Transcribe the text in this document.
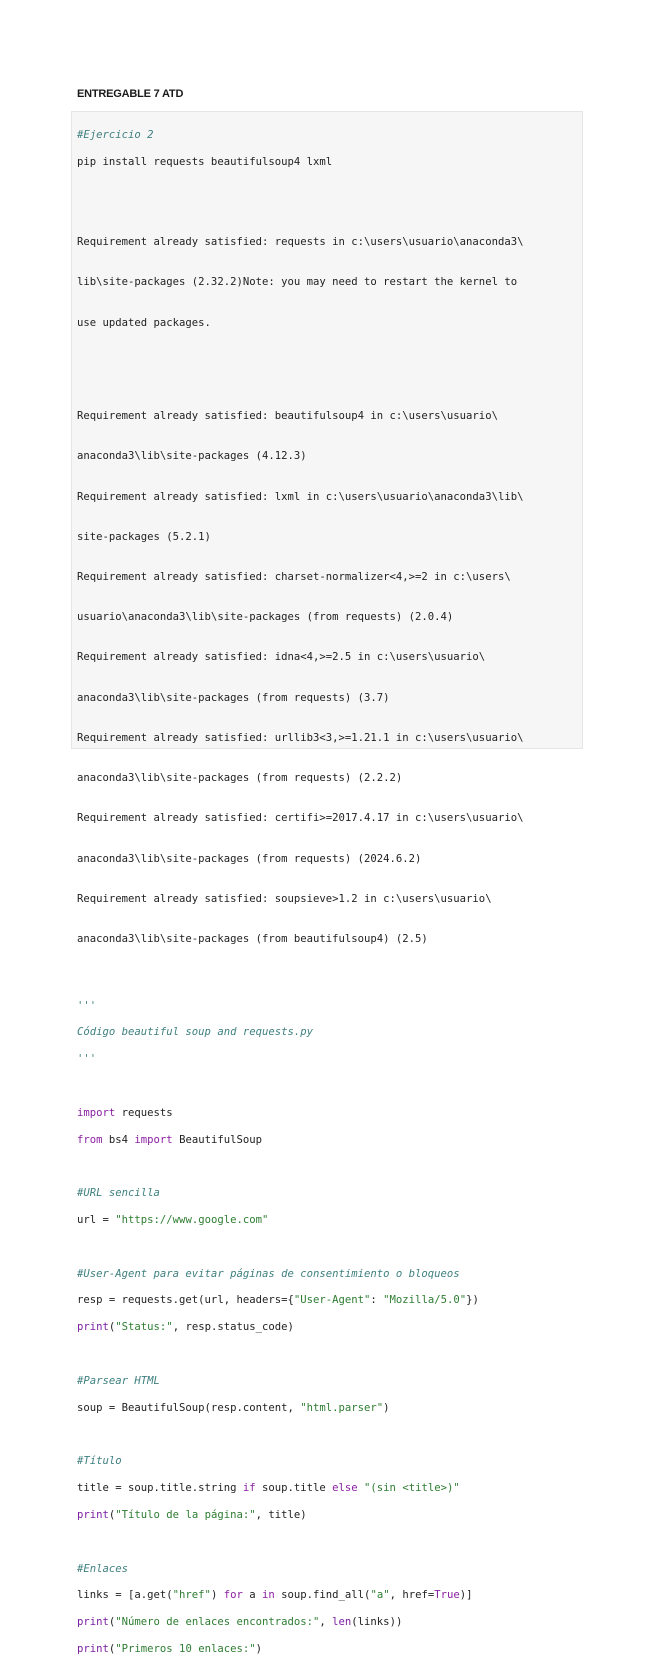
ENTREGABLE 7 ATD

#Ejercicio 2

pip install requests beautifulsoup4 lxml

Requirement already satisfied: requests in c:\users\usuario\anaconda3\

lib\site-packages (2.32.2)Note: you may need to restart the kernel to

use updated packages.

Requirement already satisfied: beautifulsoup4 in c:\users\usuario\

anaconda3\lib\site-packages (4.12.3)

Requirement already satisfied: lxml in c:\users\usuario\anaconda3\lib\

site-packages (5.2.1)

Requirement already satisfied: charset-normalizer<4,>=2 in c:\users\

usuario\anaconda3\lib\site-packages (from requests) (2.0.4)

Requirement already satisfied: idna<4,>=2.5 in c:\users\usuario\

anaconda3\lib\site-packages (from requests) (3.7)

Requirement already satisfied: urllib3<3,>=1.21.1 in c:\users\usuario\

anaconda3\lib\site-packages (from requests) (2.2.2)

Requirement already satisfied: certifi>=2017.4.17 in c:\users\usuario\

anaconda3\lib\site-packages (from requests) (2024.6.2)

Requirement already satisfied: soupsieve>1.2 in c:\users\usuario\

anaconda3\lib\site-packages (from beautifulsoup4) (2.5)

'''

Código beautiful soup and requests.py

'''

import requests

from bs4 import BeautifulSoup

#URL sencilla

url = "https://www.google.com"

#User-Agent para evitar páginas de consentimiento o bloqueos

resp = requests.get(url, headers={"User-Agent": "Mozilla/5.0"})

print("Status:", resp.status_code)

#Parsear HTML

soup = BeautifulSoup(resp.content, "html.parser")

#Título

title = soup.title.string if soup.title else "(sin <title>)"

print("Título de la página:", title)

#Enlaces

links = [a.get("href") for a in soup.find_all("a", href=True)]

print("Número de enlaces encontrados:", len(links))

print("Primeros 10 enlaces:")
